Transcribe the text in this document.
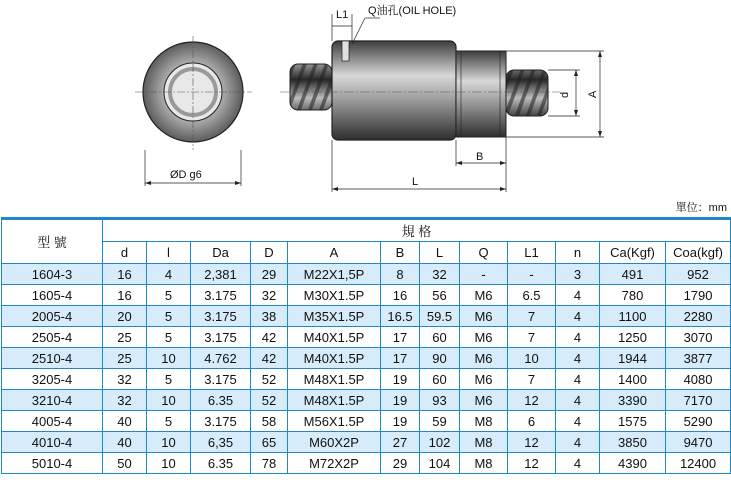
L1 Q油孔(OIL HOLE)
d A
B
L
ØD g6
單位：mm
型 號	規 格											
	d	l	Da	D	A	B	L	Q	L1	n	Ca(Kgf)	Coa(kgf)
1604-3	16	4	2,381	29	M22X1,5P	8	32	-	-	3	491	952
1605-4	16	5	3.175	32	M30X1.5P	16	56	M6	6.5	4	780	1790
2005-4	20	5	3.175	38	M35X1.5P	16.5	59.5	M6	7	4	1100	2280
2505-4	25	5	3.175	42	M40X1.5P	17	60	M6	7	4	1250	3070
2510-4	25	10	4.762	42	M40X1.5P	17	90	M6	10	4	1944	3877
3205-4	32	5	3.175	52	M48X1.5P	19	60	M6	7	4	1400	4080
3210-4	32	10	6.35	52	M48X1.5P	19	93	M6	12	4	3390	7170
4005-4	40	5	3.175	58	M56X1.5P	19	59	M8	6	4	1575	5290
4010-4	40	10	6,35	65	M60X2P	27	102	M8	12	4	3850	9470
5010-4	50	10	6.35	78	M72X2P	29	104	M8	12	4	4390	12400
